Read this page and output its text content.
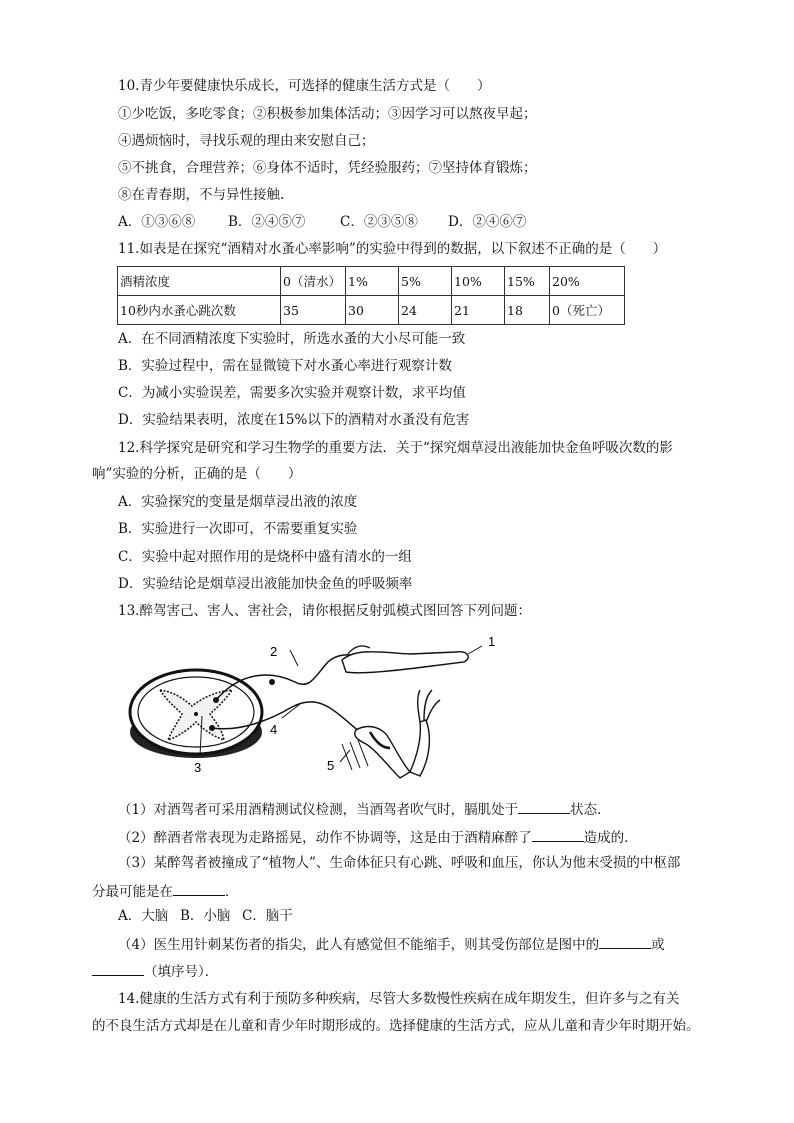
10.青少年要健康快乐成长，可选择的健康生活方式是（　　）
①少吃饭，多吃零食；②积极参加集体活动；③因学习可以熬夜早起；
④遇烦恼时，寻找乐观的理由来安慰自己；
⑤不挑食，合理营养；⑥身体不适时，凭经验服药；⑦坚持体育锻炼；
⑧在青春期，不与异性接触.
A．①③⑥⑧ B．②④⑤⑦	C．②③⑤⑧ D．②④⑥⑦
11.如表是在探究“酒精对水蚤心率影响”的实验中得到的数据，以下叙述不正确的是（　　）
酒精浓度	0（清水）	1%	5%	10%	15%	20%
10秒内水蚤心跳次数	35	30	24	21	18	0（死亡）
A．在不同酒精浓度下实验时，所选水蚤的大小尽可能一致
B．实验过程中，需在显微镜下对水蚤心率进行观察计数
C．为减小实验误差，需要多次实验并观察计数，求平均值
D．实验结果表明，浓度在15%以下的酒精对水蚤没有危害
12.科学探究是研究和学习生物学的重要方法．关于“探究烟草浸出液能加快金鱼呼吸次数的影
响”实验的分析，正确的是（　　）
A．实验探究的变量是烟草浸出液的浓度
B．实验进行一次即可，不需要重复实验
C．实验中起对照作用的是烧杯中盛有清水的一组
D．实验结论是烟草浸出液能加快金鱼的呼吸频率
13.醉驾害己、害人、害社会，请你根据反射弧模式图回答下列问题：
1
2
3
4
5
（1）对酒驾者可采用酒精测试仪检测，当酒驾者吹气时，膈肌处于	状态．
（2）醉酒者常表现为走路摇晃，动作不协调等，这是由于酒精麻醉了	造成的．
（3）某醉驾者被撞成了“植物人”、生命体征只有心跳、呼吸和血压，你认为他末受损的中枢部
分最可能是在	．
A．大脑 B．小脑 C．脑干
（4）医生用针刺某伤者的指尖，此人有感觉但不能缩手，则其受伤部位是图中的	或
（填序号）．
14.健康的生活方式有利于预防多种疾病，尽管大多数慢性疾病在成年期发生，但许多与之有关
的不良生活方式却是在儿童和青少年时期形成的。选择健康的生活方式，应从儿童和青少年时期开始。
